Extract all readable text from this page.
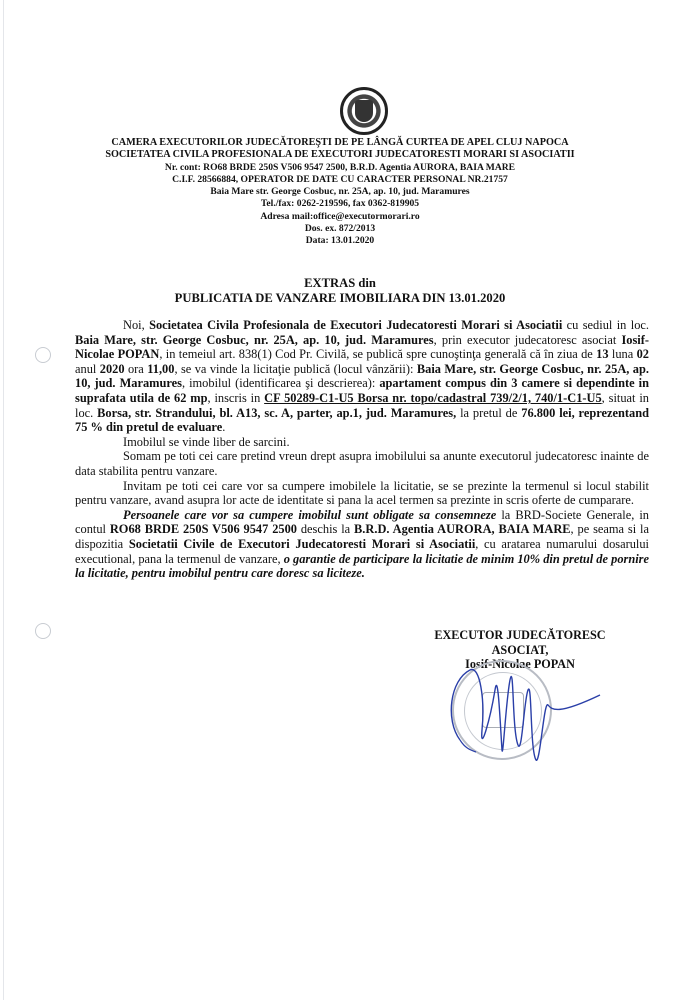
CAMERA EXECUTORILOR JUDECĂTOREŞTI DE PE LÂNGĂ CURTEA DE APEL CLUJ NAPOCA
SOCIETATEA CIVILA PROFESIONALA DE EXECUTORI JUDECATORESTI MORARI SI ASOCIATII
Nr. cont: RO68 BRDE 250S V506 9547 2500, B.R.D. Agentia AURORA, BAIA MARE
C.I.F. 28566884, OPERATOR DE DATE CU CARACTER PERSONAL NR.21757
Baia Mare str. George Cosbuc, nr. 25A, ap. 10, jud. Maramures
Tel./fax: 0262-219596, fax 0362-819905
Adresa mail:office@executormorari.ro
Dos. ex. 872/2013
Data: 13.01.2020
EXTRAS din
PUBLICATIA DE VANZARE IMOBILIARA DIN 13.01.2020

Noi, Societatea Civila Profesionala de Executori Judecatoresti Morari si Asociatii cu sediul in loc. Baia Mare, str. George Cosbuc, nr. 25A, ap. 10, jud. Maramures, prin executor judecatoresc asociat Iosif-Nicolae POPAN, in temeiul art. 838(1) Cod Pr. Civilă, se publică spre cunoştinţa generală că în ziua de 13 luna 02 anul 2020 ora 11,00, se va vinde la licitaţie publică (locul vânzării): Baia Mare, str. George Cosbuc, nr. 25A, ap. 10, jud. Maramures, imobilul (identificarea şi descrierea): apartament compus din 3 camere si dependinte in suprafata utila de 62 mp, inscris in CF 50289-C1-U5 Borsa nr. topo/cadastral 739/2/1, 740/1-C1-U5, situat in loc. Borsa, str. Strandului, bl. A13, sc. A, parter, ap.1, jud. Maramures, la pretul de 76.800 lei, reprezentand 75 % din pretul de evaluare.

Imobilul se vinde liber de sarcini.

Somam pe toti cei care pretind vreun drept asupra imobilului sa anunte executorul judecatoresc inainte de data stabilita pentru vanzare.

Invitam pe toti cei care vor sa cumpere imobilele la licitatie, se se prezinte la termenul si locul stabilit pentru vanzare, avand asupra lor acte de identitate si pana la acel termen sa prezinte in scris oferte de cumparare.

Persoanele care vor sa cumpere imobilul sunt obligate sa consemneze la BRD-Societe Generale, in contul RO68 BRDE 250S V506 9547 2500 deschis la B.R.D. Agentia AURORA, BAIA MARE, pe seama si la dispozitia Societatii Civile de Executori Judecatoresti Morari si Asociatii, cu aratarea numarului dosarului executional, pana la termenul de vanzare, o garantie de participare la licitatie de minim 10% din pretul de pornire la licitatie, pentru imobilul pentru care doresc sa liciteze.

EXECUTOR JUDECĂTORESC ASOCIAT,
Iosif-Nicolae POPAN
